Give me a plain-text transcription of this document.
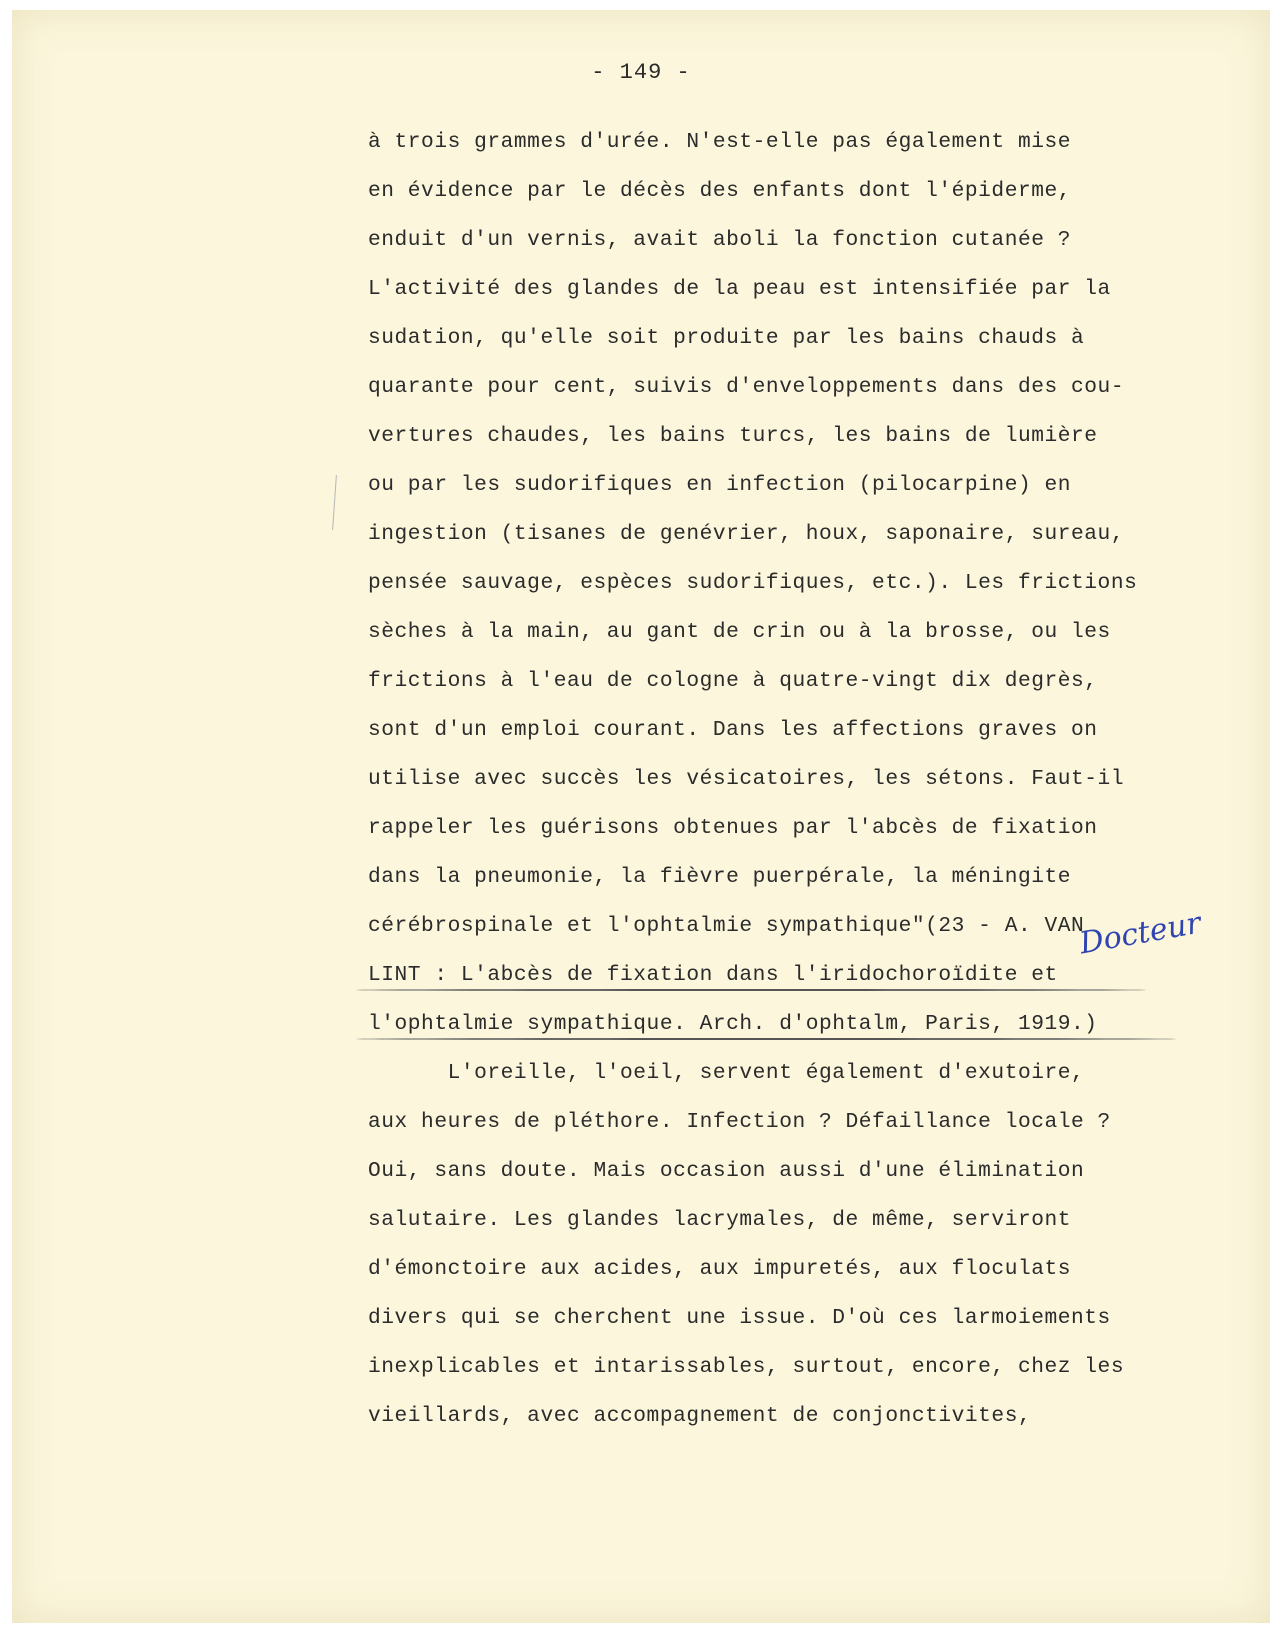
- 149 -
à trois grammes d'urée. N'est-elle pas également mise
en évidence par le décès des enfants dont l'épiderme,
enduit d'un vernis, avait aboli la fonction cutanée ?
L'activité des glandes de la peau est intensifiée par la
sudation, qu'elle soit produite par les bains chauds à
quarante pour cent, suivis d'enveloppements dans des cou-
vertures chaudes, les bains turcs, les bains de lumière
ou par les sudorifiques en infection (pilocarpine) en
ingestion (tisanes de genévrier, houx, saponaire, sureau,
pensée sauvage, espèces sudorifiques, etc.). Les frictions
sèches à la main, au gant de crin ou à la brosse, ou les
frictions à l'eau de cologne à quatre-vingt dix degrès,
sont d'un emploi courant. Dans les affections graves on
utilise avec succès les vésicatoires, les sétons. Faut-il
rappeler les guérisons obtenues par l'abcès de fixation
dans la pneumonie, la fièvre puerpérale, la méningite
cérébrospinale et l'ophtalmie sympathique"(23 - A. VAN
LINT : L'abcès de fixation dans l'iridochoroïdite et
l'ophtalmie sympathique. Arch. d'ophtalm, Paris, 1919.)
L'oreille, l'oeil, servent également d'exutoire,
aux heures de pléthore. Infection ? Défaillance locale ?
Oui, sans doute. Mais occasion aussi d'une élimination
salutaire. Les glandes lacrymales, de même, serviront
d'émonctoire aux acides, aux impuretés, aux floculats
divers qui se cherchent une issue. D'où ces larmoiements
inexplicables et intarissables, surtout, encore, chez les
vieillards, avec accompagnement de conjonctivites,
Docteur
